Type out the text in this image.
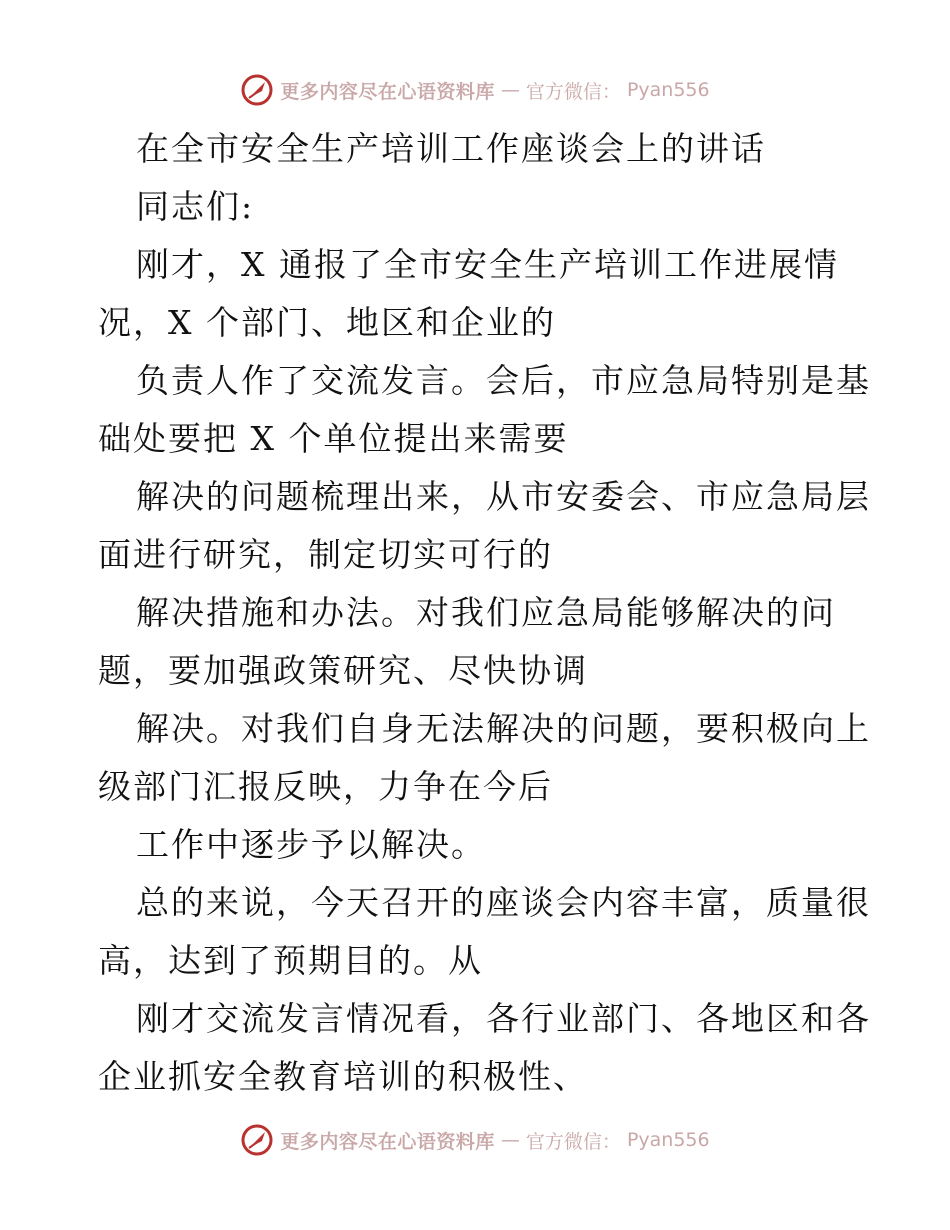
更多内容尽在心语资料库 — 官方微信： Pyan556
在全市安全生产培训工作座谈会上的讲话
同志们:
刚才，X 通报了全市安全生产培训工作进展情
况，X 个部门、地区和企业的
负责人作了交流发言。会后，市应急局特别是基
础处要把 X 个单位提出来需要
解决的问题梳理出来，从市安委会、市应急局层
面进行研究，制定切实可行的
解决措施和办法。对我们应急局能够解决的问
题，要加强政策研究、尽快协调
解决。对我们自身无法解决的问题，要积极向上
级部门汇报反映，力争在今后
工作中逐步予以解决。
总的来说，今天召开的座谈会内容丰富，质量很
高，达到了预期目的。从
刚才交流发言情况看，各行业部门、各地区和各
企业抓安全教育培训的积极性、
更多内容尽在心语资料库 — 官方微信： Pyan556
